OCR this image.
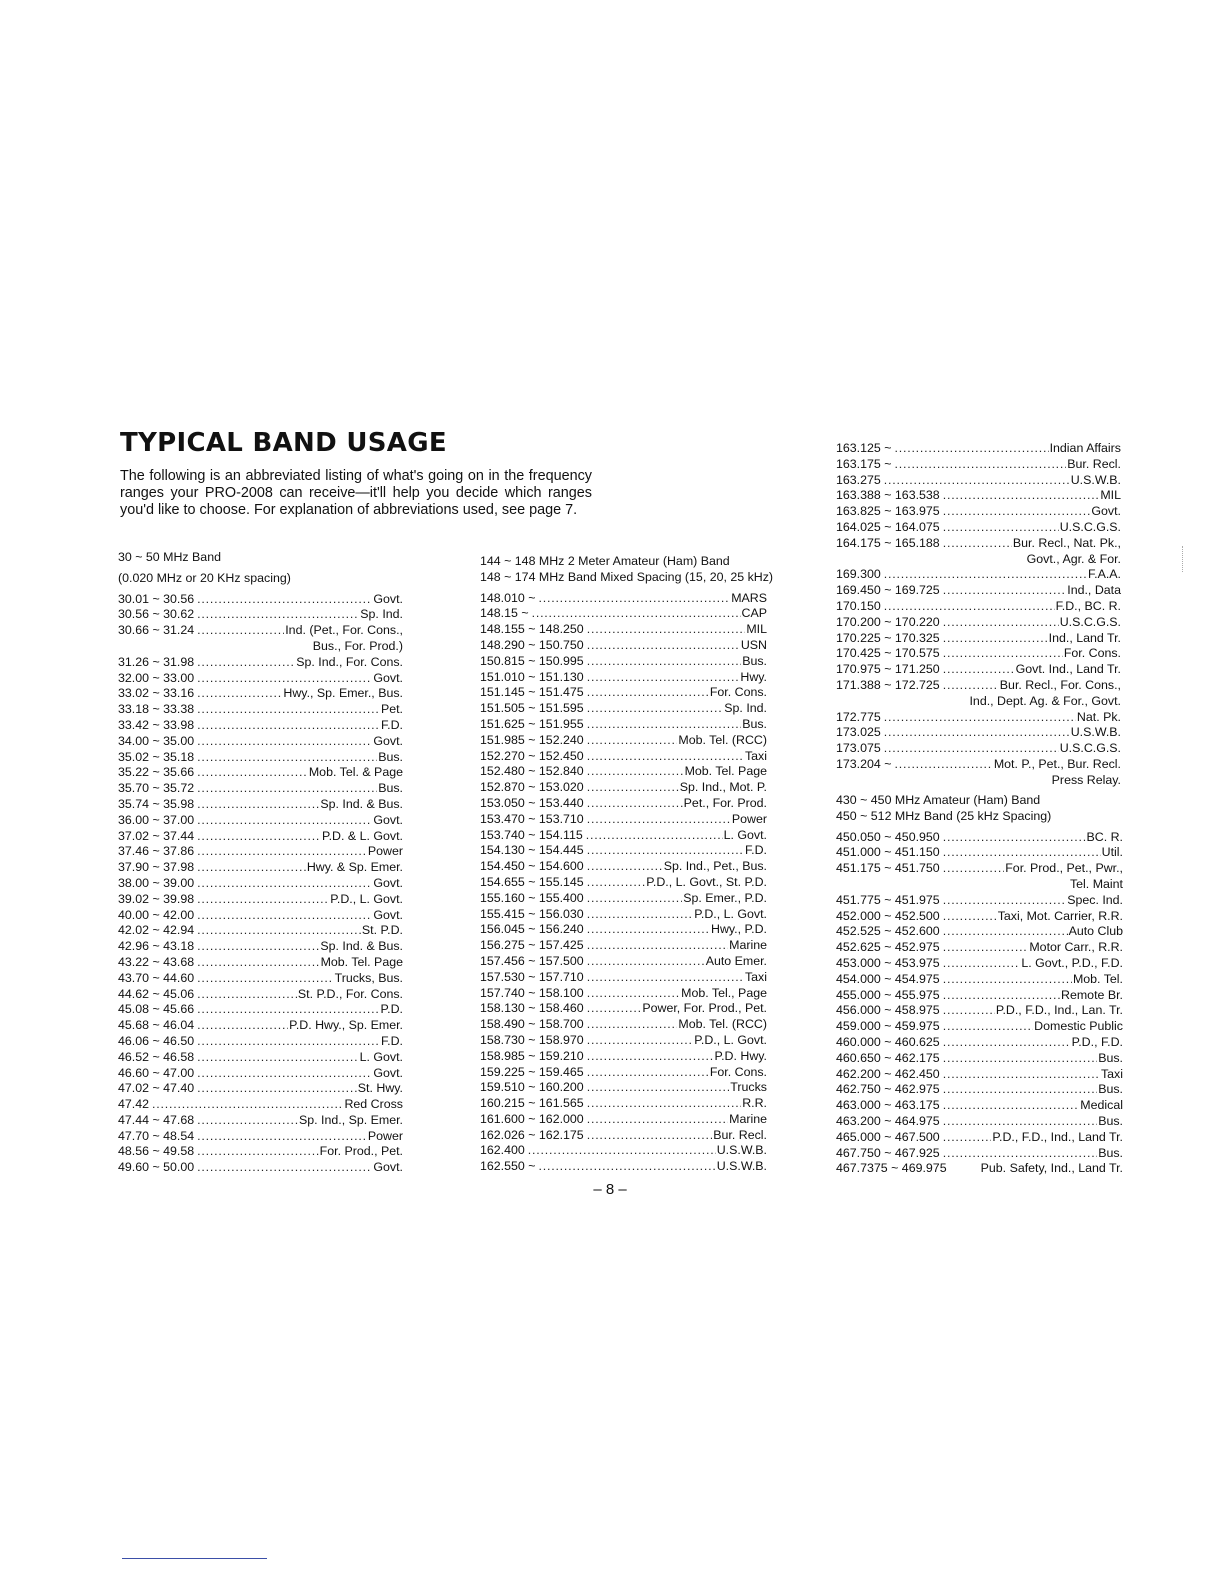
TYPICAL BAND USAGE

The following is an abbreviated listing of what's going on in the frequency ranges your PRO-2008 can receive—it'll help you decide which ranges you'd like to choose. For explanation of abbreviations used, see page 7.

30 ~ 50 MHz Band
(0.020 MHz or 20 KHz spacing)
30.01 ~ 30.56 .....	Govt.
30.56 ~ 30.62 .....	Sp. Ind.
30.66 ~ 31.24 .....	Ind. (Pet., For. Cons.,
Bus., For. Prod.)
31.26 ~ 31.98 .....	Sp. Ind., For. Cons.
32.00 ~ 33.00 .....	Govt.
33.02 ~ 33.16 .....	Hwy., Sp. Emer., Bus.
33.18 ~ 33.38 .....	Pet.
33.42 ~ 33.98 .....	F.D.
34.00 ~ 35.00 .....	Govt.
35.02 ~ 35.18 .....	Bus.
35.22 ~ 35.66 .....	Mob. Tel. & Page
35.70 ~ 35.72 .....	Bus.
35.74 ~ 35.98 .....	Sp. Ind. & Bus.
36.00 ~ 37.00 .....	Govt.
37.02 ~ 37.44 .....	P.D. & L. Govt.
37.46 ~ 37.86 .....	Power
37.90 ~ 37.98 .....	Hwy. & Sp. Emer.
38.00 ~ 39.00 .....	Govt.
39.02 ~ 39.98 .....	P.D., L. Govt.
40.00 ~ 42.00 .....	Govt.
42.02 ~ 42.94 .....	St. P.D.
42.96 ~ 43.18 .....	Sp. Ind. & Bus.
43.22 ~ 43.68 .....	Mob. Tel. Page
43.70 ~ 44.60 .....	Trucks, Bus.
44.62 ~ 45.06 .....	St. P.D., For. Cons.
45.08 ~ 45.66 .....	P.D.
45.68 ~ 46.04 .....	P.D. Hwy., Sp. Emer.
46.06 ~ 46.50 .....	F.D.
46.52 ~ 46.58 .....	L. Govt.
46.60 ~ 47.00 .....	Govt.
47.02 ~ 47.40 .....	St. Hwy.
47.42 .....	Red Cross
47.44 ~ 47.68 .....	Sp. Ind., Sp. Emer.
47.70 ~ 48.54 .....	Power
48.56 ~ 49.58 .....	For. Prod., Pet.
49.60 ~ 50.00 .....	Govt.
144 ~ 148 MHz 2 Meter Amateur (Ham) Band
148 ~ 174 MHz Band Mixed Spacing (15, 20, 25 kHz)
148.010 ~ .....	MARS
148.15 ~ .....	CAP
148.155 ~ 148.250 .....	MIL
148.290 ~ 150.750 .....	USN
150.815 ~ 150.995 .....	Bus.
151.010 ~ 151.130 .....	Hwy.
151.145 ~ 151.475 .....	For. Cons.
151.505 ~ 151.595 .....	Sp. Ind.
151.625 ~ 151.955 .....	Bus.
151.985 ~ 152.240 .....	Mob. Tel. (RCC)
152.270 ~ 152.450 .....	Taxi
152.480 ~ 152.840 .....	Mob. Tel. Page
152.870 ~ 153.020 .....	Sp. Ind., Mot. P.
153.050 ~ 153.440 .....	Pet., For. Prod.
153.470 ~ 153.710 .....	Power
153.740 ~ 154.115 .....	L. Govt.
154.130 ~ 154.445 .....	F.D.
154.450 ~ 154.600 .....	Sp. Ind., Pet., Bus.
154.655 ~ 155.145 .....	P.D., L. Govt., St. P.D.
155.160 ~ 155.400 .....	Sp. Emer., P.D.
155.415 ~ 156.030 .....	P.D., L. Govt.
156.045 ~ 156.240 .....	Hwy., P.D.
156.275 ~ 157.425 .....	Marine
157.456 ~ 157.500 .....	Auto Emer.
157.530 ~ 157.710 .....	Taxi
157.740 ~ 158.100 .....	Mob. Tel., Page
158.130 ~ 158.460 .....	Power, For. Prod., Pet.
158.490 ~ 158.700 .....	Mob. Tel. (RCC)
158.730 ~ 158.970 .....	P.D., L. Govt.
158.985 ~ 159.210 .....	P.D. Hwy.
159.225 ~ 159.465 .....	For. Cons.
159.510 ~ 160.200 .....	Trucks
160.215 ~ 161.565 .....	R.R.
161.600 ~ 162.000 .....	Marine
162.026 ~ 162.175 .....	Bur. Recl.
162.400 .....	U.S.W.B.
162.550 ~ .....	U.S.W.B.
163.125 ~ .....	Indian Affairs
163.175 ~ .....	Bur. Recl.
163.275 .....	U.S.W.B.
163.388 ~ 163.538 .....	MIL
163.825 ~ 163.975 .....	Govt.
164.025 ~ 164.075 .....	U.S.C.G.S.
164.175 ~ 165.188 .....	Bur. Recl., Nat. Pk.,
Govt., Agr. & For.
169.300 .....	F.A.A.
169.450 ~ 169.725 .....	Ind., Data
170.150 .....	F.D., BC. R.
170.200 ~ 170.220 .....	U.S.C.G.S.
170.225 ~ 170.325 .....	Ind., Land Tr.
170.425 ~ 170.575 .....	For. Cons.
170.975 ~ 171.250 .....	Govt. Ind., Land Tr.
171.388 ~ 172.725 .....	Bur. Recl., For. Cons.,
Ind., Dept. Ag. & For., Govt.
172.775 .....	Nat. Pk.
173.025 .....	U.S.W.B.
173.075 .....	U.S.C.G.S.
173.204 ~ .....	Mot. P., Pet., Bur. Recl.
Press Relay.
430 ~ 450 MHz Amateur (Ham) Band
450 ~ 512 MHz Band (25 kHz Spacing)
450.050 ~ 450.950 .....	BC. R.
451.000 ~ 451.150 .....	Util.
451.175 ~ 451.750 .....	For. Prod., Pet., Pwr.,
Tel. Maint
451.775 ~ 451.975 .....	Spec. Ind.
452.000 ~ 452.500 .....	Taxi, Mot. Carrier, R.R.
452.525 ~ 452.600 .....	Auto Club
452.625 ~ 452.975 .....	Motor Carr., R.R.
453.000 ~ 453.975 .....	L. Govt., P.D., F.D.
454.000 ~ 454.975 .....	Mob. Tel.
455.000 ~ 455.975 .....	Remote Br.
456.000 ~ 458.975 .....	P.D., F.D., Ind., Lan. Tr.
459.000 ~ 459.975 .....	Domestic Public
460.000 ~ 460.625 .....	P.D., F.D.
460.650 ~ 462.175 .....	Bus.
462.200 ~ 462.450 .....	Taxi
462.750 ~ 462.975 .....	Bus.
463.000 ~ 463.175 .....	Medical
463.200 ~ 464.975 .....	Bus.
465.000 ~ 467.500 .....	P.D., F.D., Ind., Land Tr.
467.750 ~ 467.925 .....	Bus.
467.7375 ~ 469.975	Pub. Safety, Ind., Land Tr.
– 8 –
